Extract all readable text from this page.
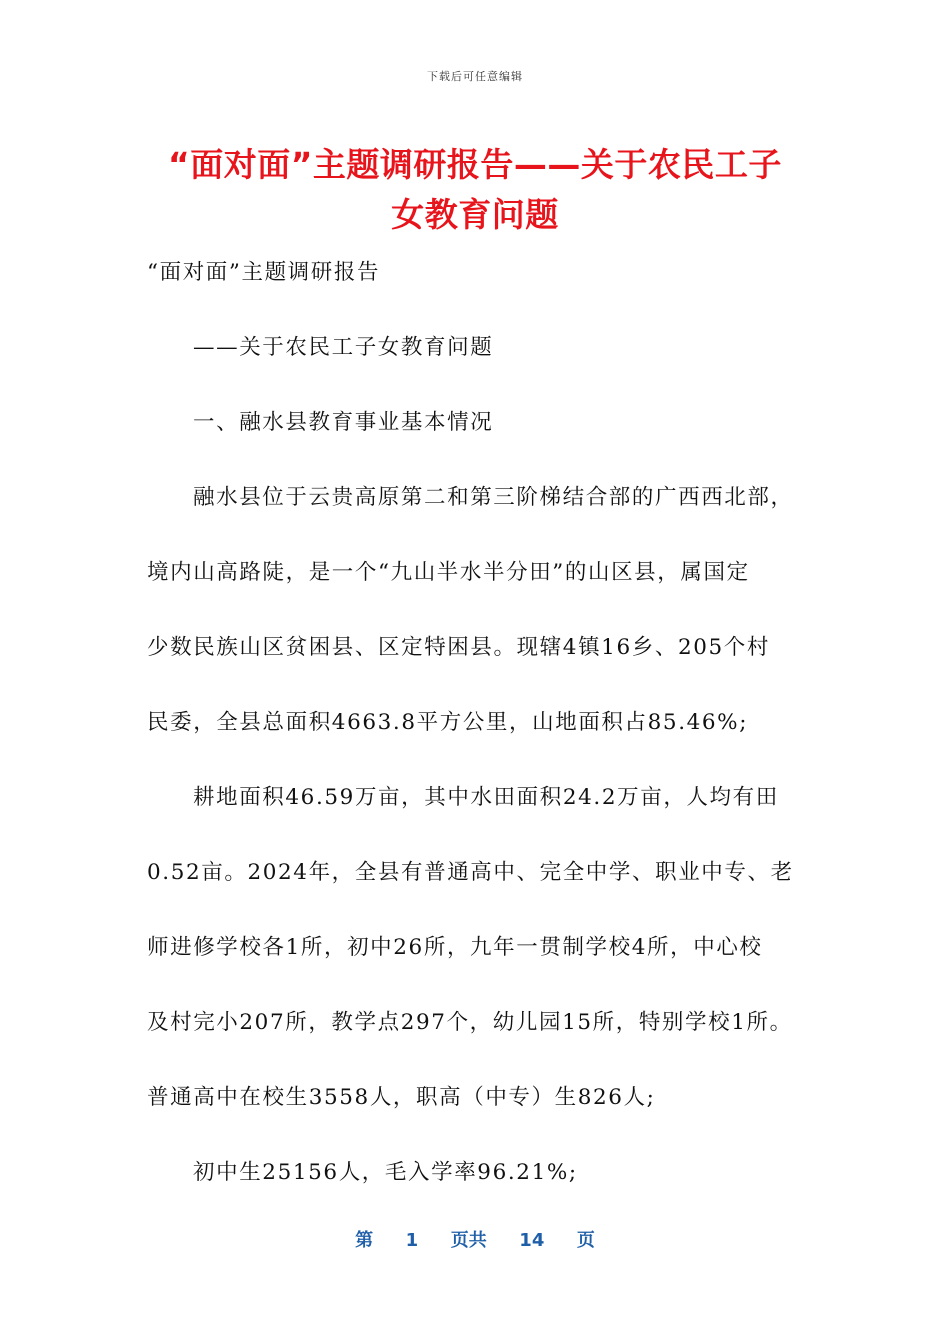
下载后可任意编辑
“面对面”主题调研报告——关于农民工子
女教育问题
“面对面”主题调研报告
——关于农民工子女教育问题
一、融水县教育事业基本情况
融水县位于云贵高原第二和第三阶梯结合部的广西西北部，
境内山高路陡，是一个“九山半水半分田”的山区县，属国定
少数民族山区贫困县、区定特困县。现辖4镇16乡、205个村
民委，全县总面积4663.8平方公里，山地面积占85.46%;
耕地面积46.59万亩，其中水田面积24.2万亩，人均有田
0.52亩。2024年，全县有普通高中、完全中学、职业中专、老
师进修学校各1所，初中26所，九年一贯制学校4所，中心校
及村完小207所，教学点297个，幼儿园15所，特别学校1所。
普通高中在校生3558人，职高（中专）生826人;
初中生25156人，毛入学率96.21%;
第 1 页共 14 页
